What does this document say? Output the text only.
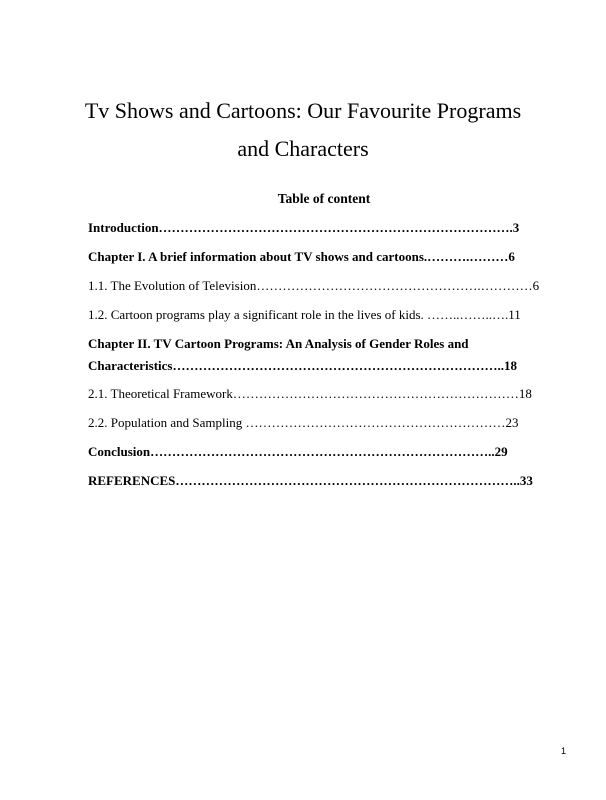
Tv Shows and Cartoons: Our Favourite Programs
and Characters
Table of content
Introduction……………………………………………………………………….3
Chapter I. A brief information about TV shows and cartoons.……….………6
1.1. The Evolution of Television…………………………………………….…………6
1.2. Cartoon programs play a significant role in the lives of kids. ……..……..….11
Chapter II. TV Cartoon Programs: An Analysis of Gender Roles and
Characteristics…………………………………………………………………..18
2.1. Theoretical Framework…………………………………………………………18
2.2. Population and Sampling ……………………………………………………23
Conclusion……………………………………………………………………..29
REFERENCES……………………………………………………………………..33
1
